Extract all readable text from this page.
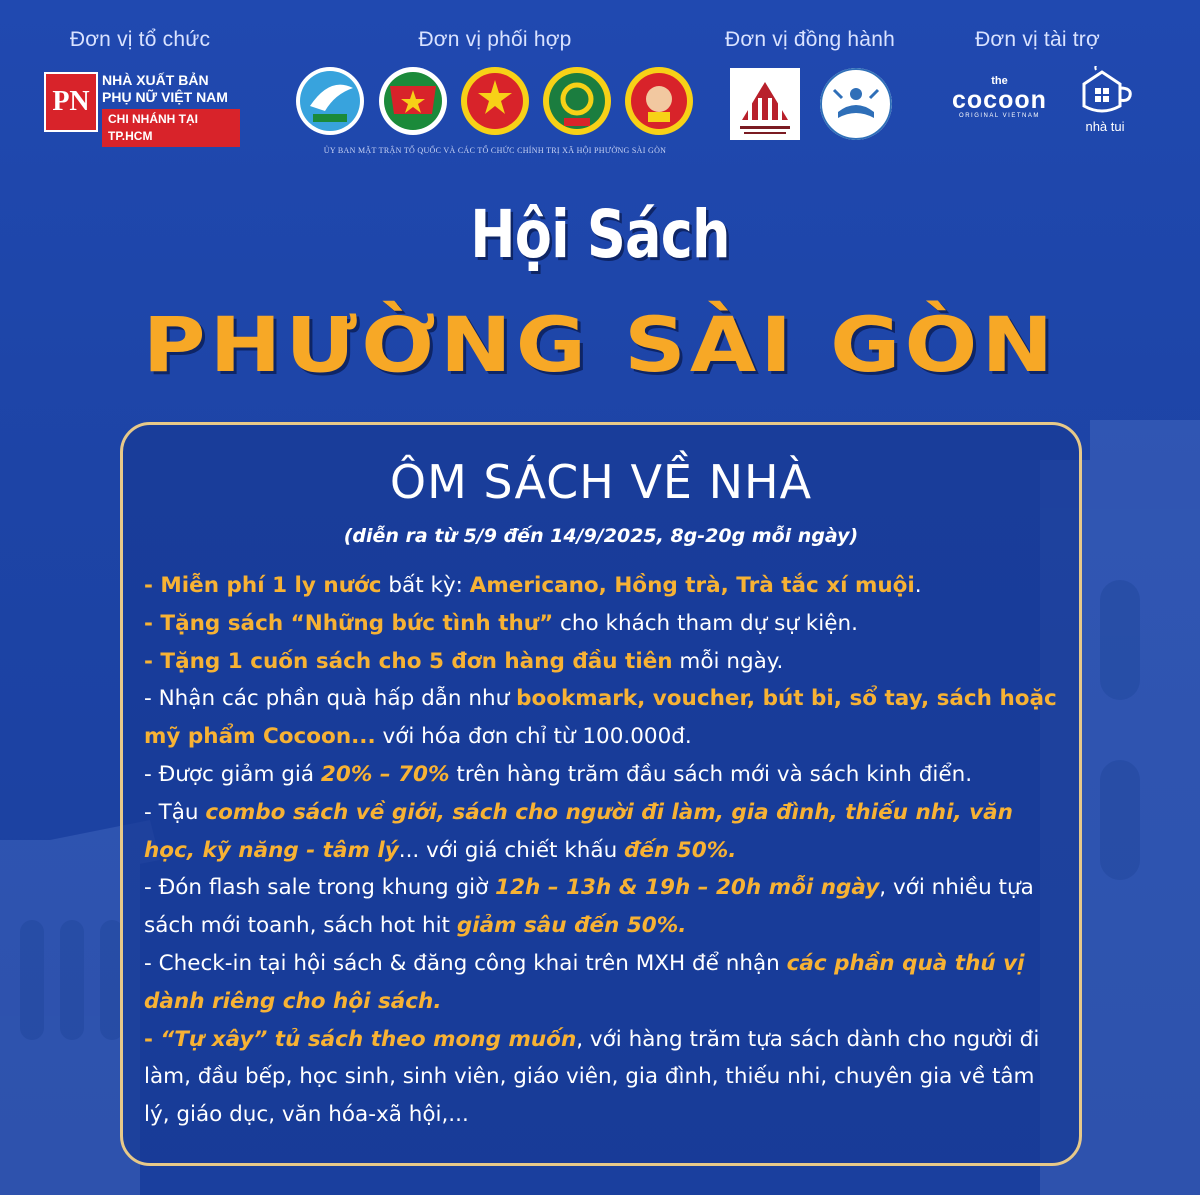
Đơn vị tổ chức
PN
NHÀ XUẤT BẢN
PHỤ NỮ VIỆT NAM
CHI NHÁNH TẠI TP.HCM
Đơn vị phối hợp
ỦY BAN MẶT TRẬN TỔ QUỐC VÀ CÁC TỔ CHỨC CHÍNH TRỊ XÃ HỘI PHƯỜNG SÀI GÒN
Đơn vị đồng hành	Đơn vị tài trợ
the
cocoon
ORIGINAL VIETNAM
nhà tui
Hội Sách
PHƯỜNG SÀI GÒN
ÔM SÁCH VỀ NHÀ
(diễn ra từ 5/9 đến 14/9/2025, 8g-20g mỗi ngày)
- Miễn phí 1 ly nước bất kỳ: Americano, Hồng trà, Trà tắc xí muội.
- Tặng sách “Những bức tình thư” cho khách tham dự sự kiện.
- Tặng 1 cuốn sách cho 5 đơn hàng đầu tiên mỗi ngày.
- Nhận các phần quà hấp dẫn như bookmark, voucher, bút bi, sổ tay, sách hoặc mỹ phẩm Cocoon... với hóa đơn chỉ từ 100.000đ.
- Được giảm giá 20% – 70% trên hàng trăm đầu sách mới và sách kinh điển.
- Tậu combo sách về giới, sách cho người đi làm, gia đình, thiếu nhi, văn học, kỹ năng - tâm lý... với giá chiết khấu đến 50%.
- Đón flash sale trong khung giờ 12h – 13h & 19h – 20h mỗi ngày, với nhiều tựa sách mới toanh, sách hot hit giảm sâu đến 50%.
- Check-in tại hội sách & đăng công khai trên MXH để nhận các phần quà thú vị dành riêng cho hội sách.
- “Tự xây” tủ sách theo mong muốn, với hàng trăm tựa sách dành cho người đi làm, đầu bếp, học sinh, sinh viên, giáo viên, gia đình, thiếu nhi, chuyên gia về tâm lý, giáo dục, văn hóa-xã hội,...
